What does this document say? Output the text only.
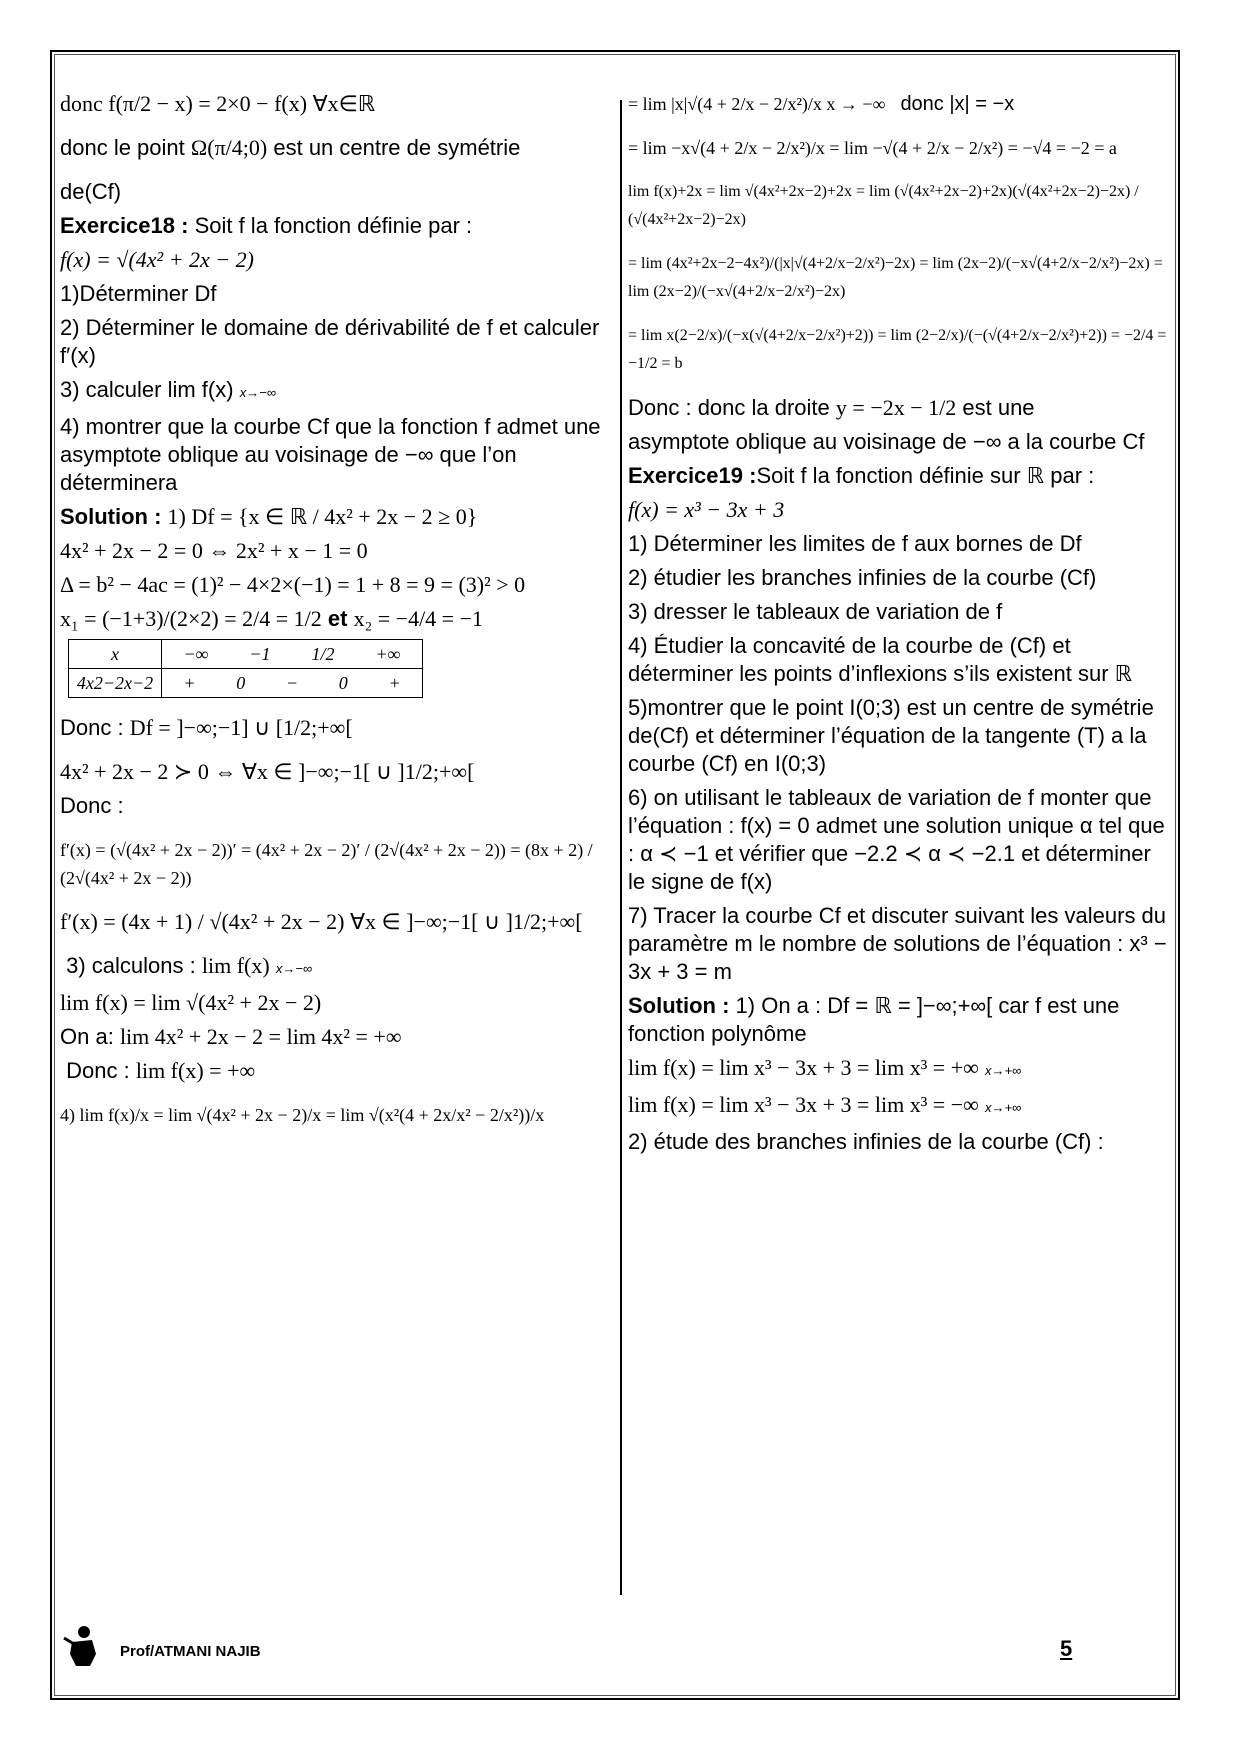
donc f(π/2 − x) = 2×0 − f(x) ∀x∈ℝ
donc le point Ω(π/4;0) est un centre de symétrie
de(Cf)
Exercice18 : Soit f la fonction définie par :
f(x) = √(4x² + 2x − 2)
1)Déterminer Df
2) Déterminer le domaine de dérivabilité de f et calculer f′(x)
3) calculer lim f(x) x→−∞
4) montrer que la courbe Cf que la fonction f admet une asymptote oblique au voisinage de −∞ que l’on déterminera
Solution : 1) Df = {x ∈ ℝ / 4x² + 2x − 2 ≥ 0}
4x² + 2x − 2 = 0 ⇔ 2x² + x − 1 = 0
Δ = b² − 4ac = (1)² − 4×2×(−1) = 1 + 8 = 9 = (3)² > 0
x₁ = (−1+3)/(2×2) = 2/4 = 1/2 et x₂ = −4/4 = −1
x	−∞ −1 1/2 +∞

4x2−2x−2	+ 0 − 0 +
Donc : Df = ]−∞;−1] ∪ [1/2;+∞[
4x² + 2x − 2 ≻ 0 ⇔ ∀x ∈ ]−∞;−1[ ∪ ]1/2;+∞[
Donc :
f′(x) = (√(4x² + 2x − 2))′ = (4x² + 2x − 2)′ / (2√(4x² + 2x − 2)) = (8x + 2) / (2√(4x² + 2x − 2))
f′(x) = (4x + 1) / √(4x² + 2x − 2) ∀x ∈ ]−∞;−1[ ∪ ]1/2;+∞[
3) calculons : lim f(x) x→−∞
lim f(x) = lim √(4x² + 2x − 2)
On a: lim 4x² + 2x − 2 = lim 4x² = +∞
Donc : lim f(x) = +∞
4) lim f(x)/x = lim √(4x² + 2x − 2)/x = lim √(x²(4 + 2x/x² − 2/x²))/x
= lim |x|√(4 + 2/x − 2/x²)/x x → −∞ donc |x| = −x
= lim −x√(4 + 2/x − 2/x²)/x = lim −√(4 + 2/x − 2/x²) = −√4 = −2 = a
lim f(x)+2x = lim √(4x²+2x−2)+2x = lim (√(4x²+2x−2)+2x)(√(4x²+2x−2)−2x) / (√(4x²+2x−2)−2x)
= lim (4x²+2x−2−4x²)/(|x|√(4+2/x−2/x²)−2x) = lim (2x−2)/(−x√(4+2/x−2/x²)−2x) = lim (2x−2)/(−x√(4+2/x−2/x²)−2x)
= lim x(2−2/x)/(−x(√(4+2/x−2/x²)+2)) = lim (2−2/x)/(−(√(4+2/x−2/x²)+2)) = −2/4 = −1/2 = b
Donc : donc la droite y = −2x − 1/2 est une
asymptote oblique au voisinage de −∞ a la courbe Cf
Exercice19 :Soit f la fonction définie sur ℝ par :
f(x) = x³ − 3x + 3
1) Déterminer les limites de f aux bornes de Df
2) étudier les branches infinies de la courbe (Cf)
3) dresser le tableaux de variation de f
4) Étudier la concavité de la courbe de (Cf) et déterminer les points d’inflexions s’ils existent sur ℝ
5)montrer que le point I(0;3) est un centre de symétrie de(Cf) et déterminer l’équation de la tangente (T) a la courbe (Cf) en I(0;3)
6) on utilisant le tableaux de variation de f monter que l’équation : f(x) = 0 admet une solution unique α tel que : α ≺ −1 et vérifier que −2.2 ≺ α ≺ −2.1 et déterminer le signe de f(x)
7) Tracer la courbe Cf et discuter suivant les valeurs du paramètre m le nombre de solutions de l’équation : x³ − 3x + 3 = m
Solution : 1) On a : Df = ℝ = ]−∞;+∞[ car f est une fonction polynôme
lim f(x) = lim x³ − 3x + 3 = lim x³ = +∞ x→+∞
lim f(x) = lim x³ − 3x + 3 = lim x³ = −∞ x→+∞
2) étude des branches infinies de la courbe (Cf) :
Prof/ATMANI NAJIB	5
